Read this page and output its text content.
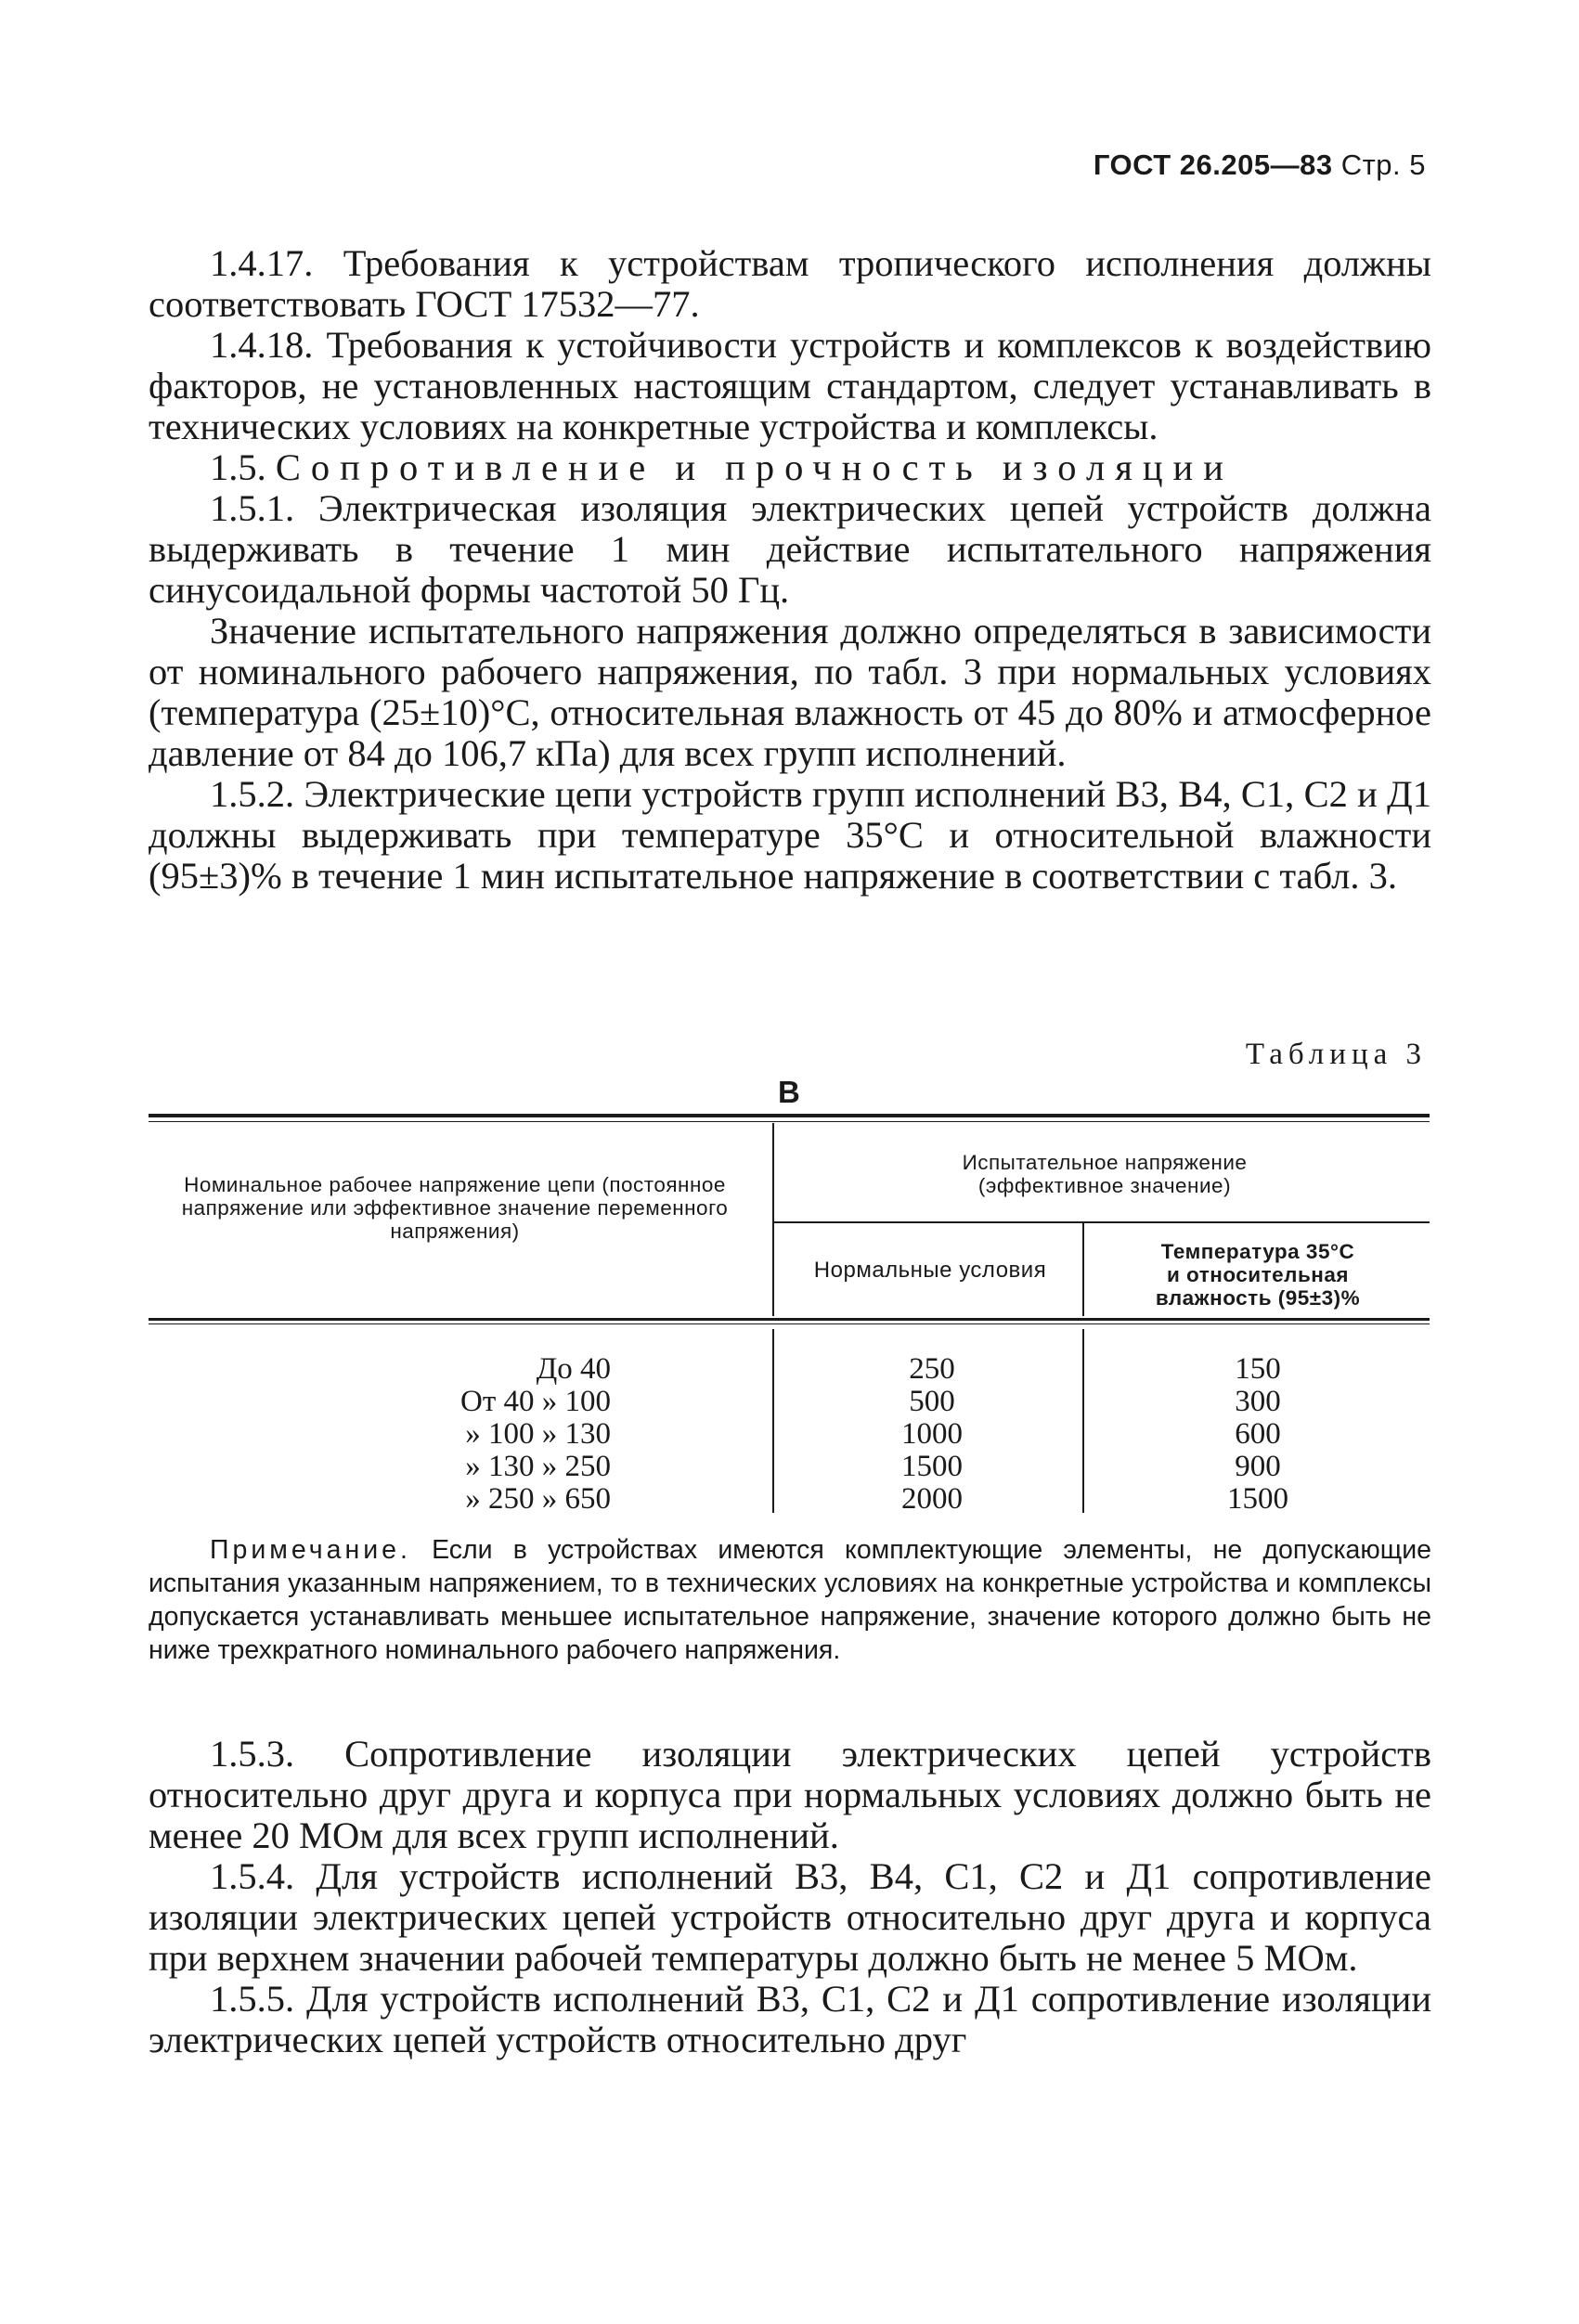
ГОСТ 26.205—83 Стр. 5

1.4.17. Требования к устройствам тропического исполнения должны соответствовать ГОСТ 17532—77.

1.4.18. Требования к устойчивости устройств и комплексов к воздействию факторов, не установленных настоящим стандартом, следует устанавливать в технических условиях на конкретные устройства и комплексы.

1.5. Сопротивление и прочность изоляции

1.5.1. Электрическая изоляция электрических цепей устройств должна выдерживать в течение 1 мин действие испытательного напряжения синусоидальной формы частотой 50 Гц.

Значение испытательного напряжения должно определяться в зависимости от номинального рабочего напряжения, по табл. 3 при нормальных условиях (температура (25±10)°С, относительная влажность от 45 до 80% и атмосферное давление от 84 до 106,7 кПа) для всех групп исполнений.

1.5.2. Электрические цепи устройств групп исполнений В3, В4, С1, С2 и Д1 должны выдерживать при температуре 35°С и относительной влажности (95±3)% в течение 1 мин испытательное напряжение в соответствии с табл. 3.

Таблица 3
В
Номинальное рабочее напряжение цепи (постоянное напряжение или эффективное значение переменного напряжения)
Испытательное напряжение
(эффективное значение)
Нормальные условия
Температура 35°С
и относительная
влажность (95±3)%
До 40	250	150
От 40 » 100	500	300
» 100 » 130	1000	600
» 130 » 250	1500	900
» 250 » 650	2000	1500

Примечание. Если в устройствах имеются комплектующие элементы, не допускающие испытания указанным напряжением, то в технических условиях на конкретные устройства и комплексы допускается устанавливать меньшее испытательное напряжение, значение которого должно быть не ниже трехкратного номинального рабочего напряжения.

1.5.3. Сопротивление изоляции электрических цепей устройств относительно друг друга и корпуса при нормальных условиях должно быть не менее 20 МОм для всех групп исполнений.

1.5.4. Для устройств исполнений В3, В4, С1, С2 и Д1 сопротивление изоляции электрических цепей устройств относительно друг друга и корпуса при верхнем значении рабочей температуры должно быть не менее 5 МОм.

1.5.5. Для устройств исполнений В3, С1, С2 и Д1 сопротивление изоляции электрических цепей устройств относительно друг
